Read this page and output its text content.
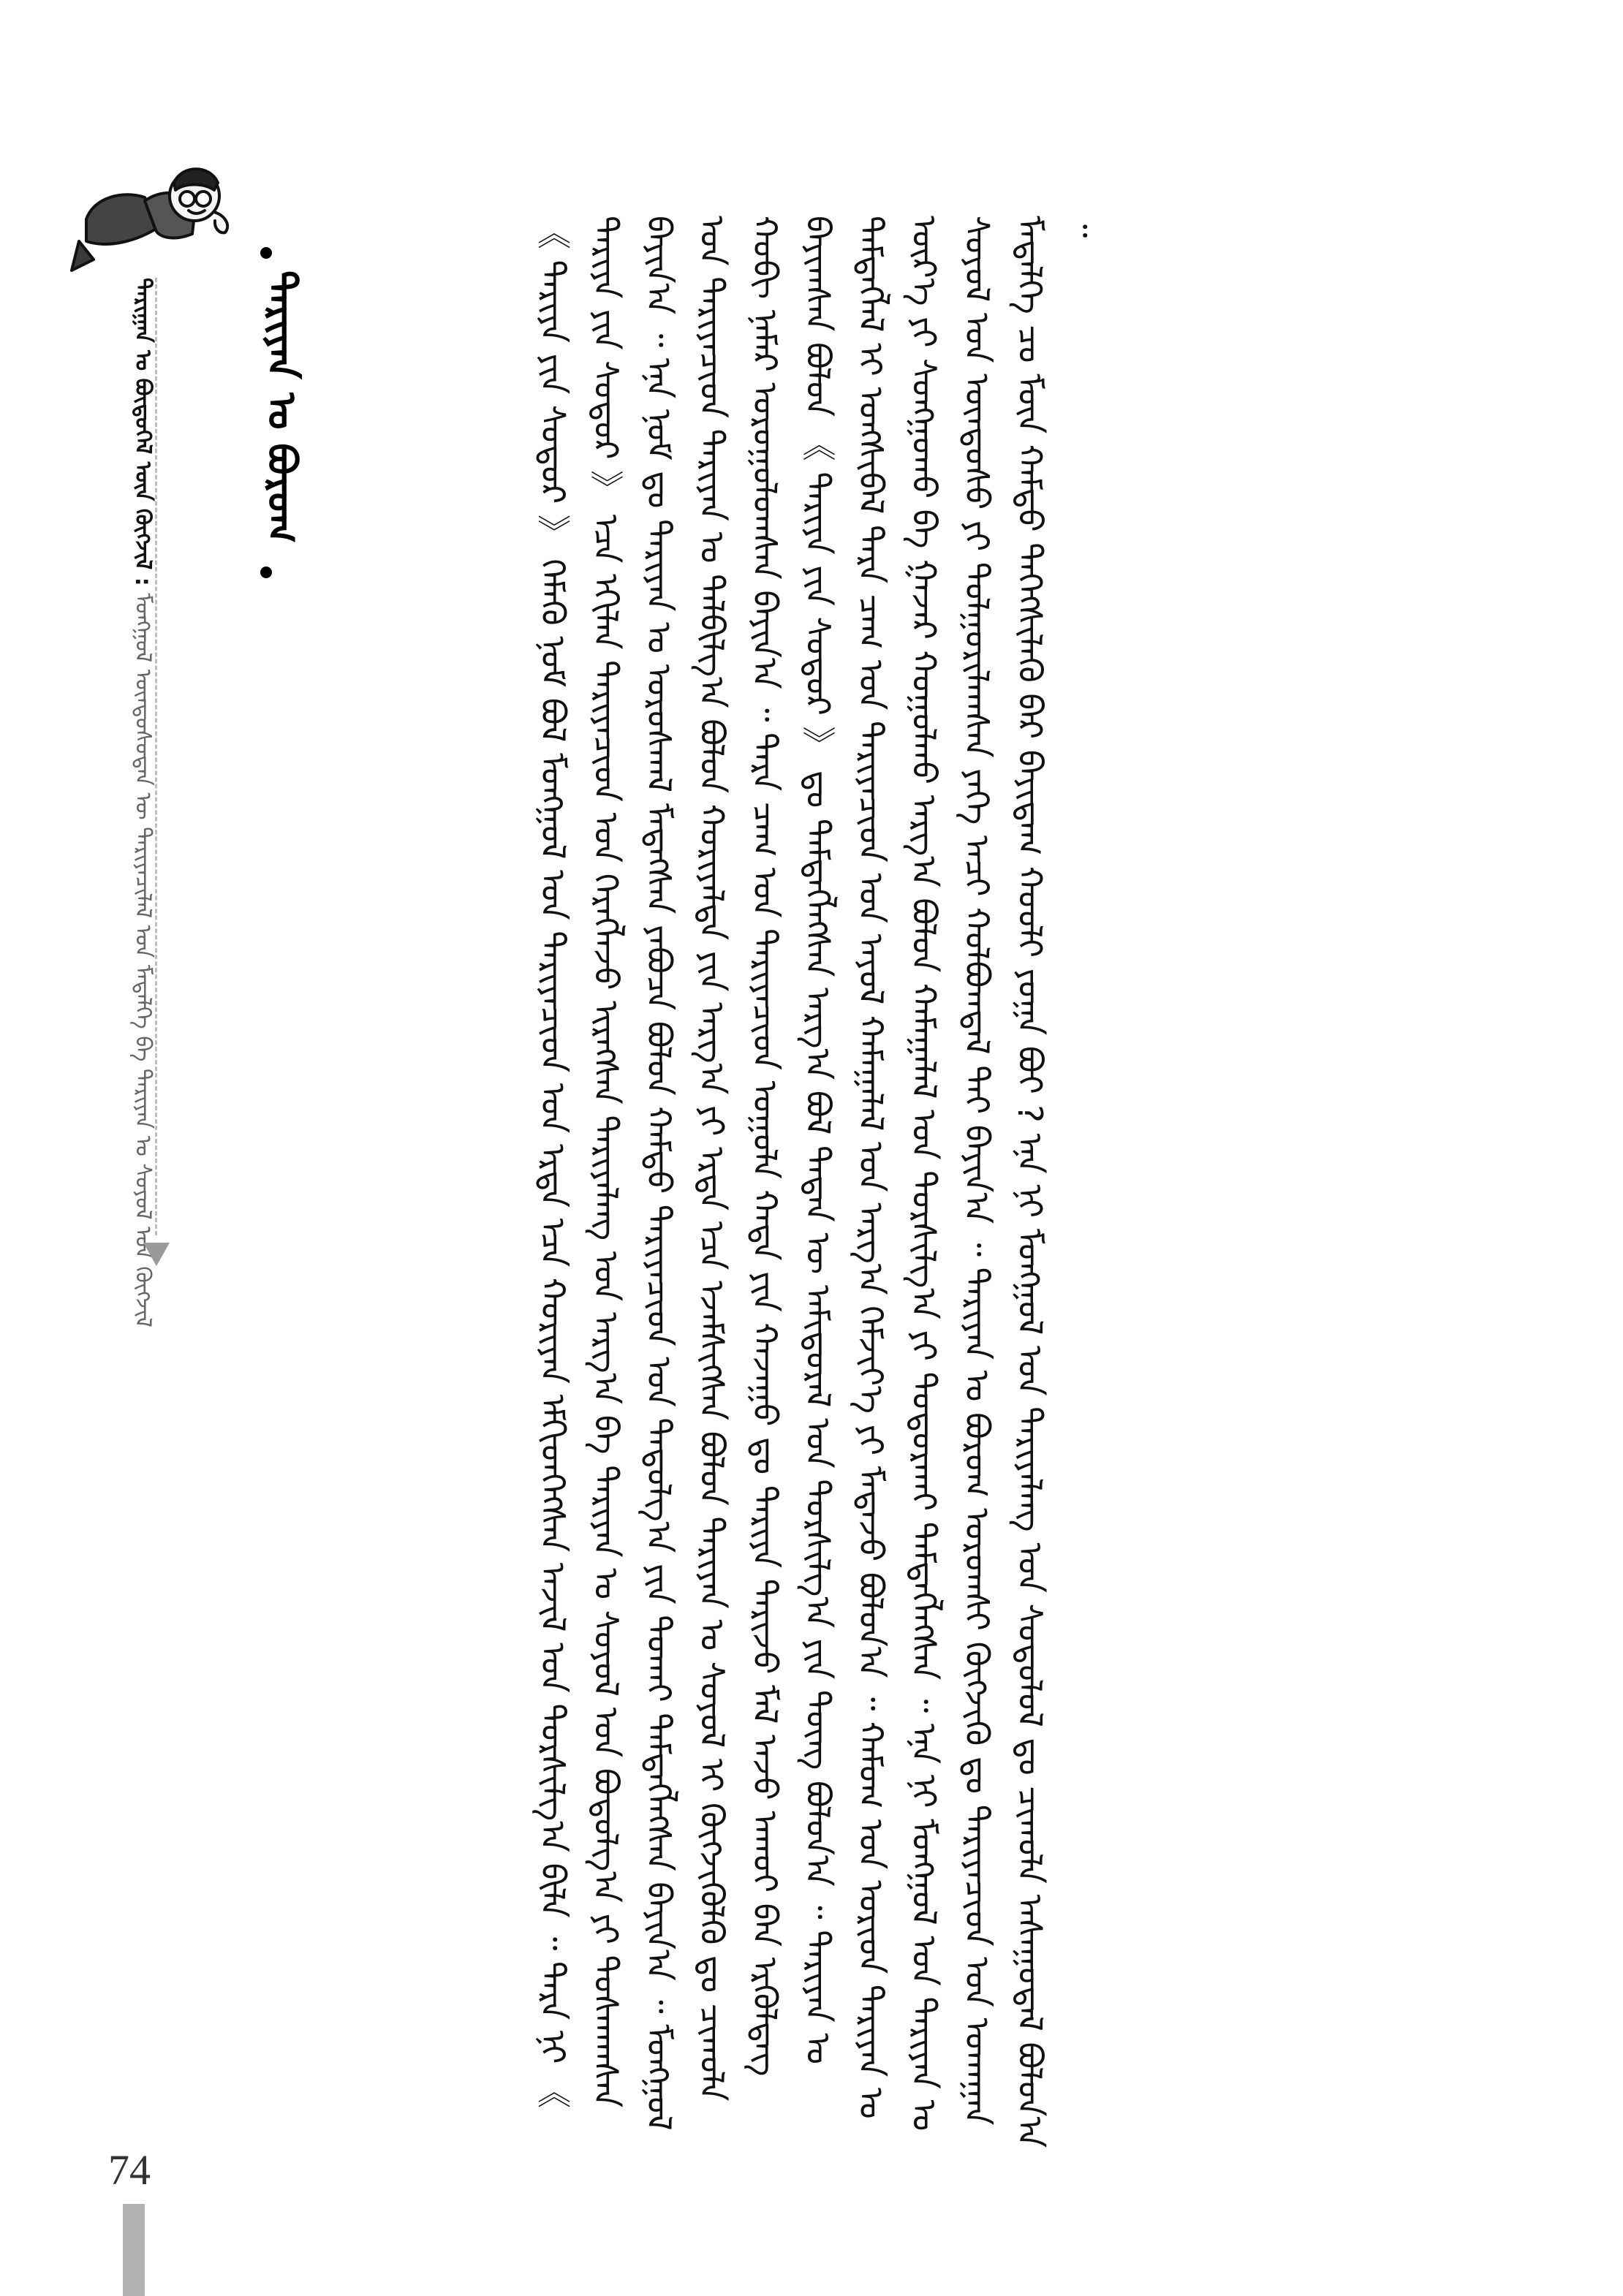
74
ᠲᠠᠷᠢᠭᠠᠨ ᠤ ᠪᠦᠲᠦᠭᠡᠯ ᠦᠨ ᠬᠥᠭᠵᠢᠯ : ᠮᠣᠩᠭᠣᠯ ᠦᠨᠳᠦᠰᠦᠲᠡᠨ ᠦ ᠲᠠᠷᠢᠶᠠᠴᠢᠯᠠᠯ ᠤᠨ ᠮᠡᠳᠡᠯᠭᠡ ᠪᠠ ᠲᠠᠷᠢᠶᠠᠨ ᠤ ᠰᠣᠶᠣᠯ ᠤᠨ ᠬᠥᠭᠵᠢᠯ
ᠲᠠᠷᠢᠶᠠᠨ ᠤ ᠪᠣᠷᠣᠭ

	《 ᠲᠠᠷᠢᠶᠠ ᠶᠢᠨ ᠰᠤᠳᠤᠷ 》 ᠬᠡᠮᠡᠬᠦ ᠨᠣᠮ ᠪᠣᠯ ᠮᠣᠩᠭᠣᠯ ᠤᠨ ᠲᠠᠷᠢᠶᠠᠴᠢᠳ ᠤᠨ ᠡᠷᠲᠡ ᠡᠴᠡ ᠬᠤᠷᠢᠶᠠᠨ ᠡᠮᠬᠢᠳᠬᠡᠭᠰᠡᠨ ᠠᠵᠢᠯ ᠤᠨ ᠲᠤᠷᠰᠢᠯᠭ᠎ᠠ ᠪᠢᠯᠡ ᠃ ᠲᠡᠷᠡ ᠨᠢ 《 ᠲᠠᠷᠢᠶᠠ ᠶᠢᠨ ᠰᠤᠳᠤᠷ 》 ᠡᠴᠡ ᠡᠬᠢᠯᠡᠨ ᠲᠠᠷᠢᠶᠠᠴᠢᠳ ᠤᠨ ᠬᠡᠷᠡᠭᠯᠡᠵᠦ ᠢᠷᠡᠭᠰᠡᠨ ᠲᠠᠷᠢᠶᠠᠯᠠᠩ ᠤᠨ ᠠᠷᠭ᠎ᠠ ᠪᠠ ᠲᠠᠷᠢᠶᠠᠨ ᠤ ᠰᠣᠶᠣᠯ ᠤᠨ ᠪᠣᠳᠤᠯᠭ᠎ᠠ ᠶᠢ ᠲᠤᠰᠬᠠᠭᠰᠠᠨ ᠪᠠᠶᠢᠨ᠎ᠠ ᠃ ᠡᠨᠡ ᠨᠣᠮ ᠳᠤ ᠲᠠᠷᠢᠶᠠᠨ ᠤ ᠤᠷᠤᠰᠬᠠᠯ ᠮᠡᠳᠡᠭᠰᠡᠨ ᠶᠠᠪᠤᠴᠠ ᠪᠣᠯᠤᠨ ᠬᠠᠮᠲᠤ ᠲᠠᠷᠢᠶᠠᠴᠢᠳ ᠤᠨ ᠳᠠᠳᠤᠯᠭ᠎ᠠ ᠶᠢᠨ ᠲᠤᠬᠠᠶ ᠲᠡᠮᠳᠡᠭᠯᠡᠭᠰᠡᠨ ᠪᠠᠶᠢᠨ᠎ᠠ ᠃ ᠮᠣᠩᠭᠣᠯ ᠤᠨ ᠲᠠᠷᠢᠶᠠᠴᠢᠳ ᠲᠠᠷᠢᠶᠠᠨ ᠤ ᠲᠠᠯᠪᠢᠯᠭ᠎ᠠ ᠪᠣᠯᠤᠨ ᠬᠤᠷᠢᠶᠠᠯᠲᠠ ᠶᠢᠨ ᠠᠷᠭ᠎ᠠ ᠶᠢ ᠡᠷᠲᠡ ᠡᠴᠡ ᠡᠵᠡᠮᠰᠢᠭᠰᠡᠨ ᠪᠣᠯᠤᠨ ᠲᠠᠷᠢᠶᠠᠨ ᠤ ᠰᠣᠶᠣᠯ ᠢ ᠬᠥᠭᠵᠢᠭᠦᠯᠬᠦ ᠳᠤ ᠴᠢᠬᠤᠯᠠ ᠬᠤᠪᠢ ᠨᠡᠮᠡᠷ ᠣᠷᠤᠭᠤᠯᠤᠭᠰᠠᠨ ᠪᠠᠶᠢᠨ᠎ᠠ ᠃ ᠲᠡᠷᠡ ᠴᠠᠭ ᠤᠨ ᠲᠠᠷᠢᠶᠠᠴᠢᠳ ᠤᠭᠤᠯᠠ ᠬᠠᠳᠠ ᠶᠢᠨ ᠬᠠᠵᠠᠭᠤ ᠳᠤ ᠲᠠᠷᠢᠶᠠ ᠲᠠᠷᠢᠵᠤ ᠮᠠᠯ ᠠᠵᠤ ᠠᠬᠤᠢ ᠪᠠᠨ ᠡᠷᠭᠦᠯᠳᠡᠭ ᠪᠠᠶᠢᠭᠰᠠᠨ ᠪᠣᠯᠤᠨ 《 ᠲᠠᠷᠢᠶᠠ ᠶᠢᠨ ᠰᠤᠳᠤᠷ 》 ᠳᠤ ᠲᠡᠮᠳᠡᠭᠯᠡᠭᠰᠡᠨ ᠠᠷᠭ᠎ᠠ ᠪᠣᠯ ᠲᠡᠳᠡᠨ ᠦ ᠠᠮᠢᠳᠤᠷᠠᠯ ᠤᠨ ᠲᠤᠷᠰᠢᠯᠭ᠎ᠠ ᠶᠢᠨ ᠳᠦᠩ ᠪᠣᠯᠤᠨ᠎ᠠ ᠃ ᠲᠠᠷᠢᠶᠠᠨ ᠤ ᠲᠡᠮᠳᠡᠭᠯᠡᠯ ᠢ ᠤᠩᠰᠢᠪᠠᠯ ᠲᠡᠷᠡ ᠴᠠᠭ ᠤᠨ ᠲᠠᠷᠢᠶᠠᠴᠢᠳ ᠤᠨ ᠠᠶᠤᠯ ᠬᠠᠮᠠᠭᠠᠯᠠᠯ ᠤᠨ ᠠᠷᠭ᠎ᠠ ᠬᠡᠮᠵᠢᠶ᠎ᠡ ᠶᠢ ᠮᠡᠳᠡᠵᠦ ᠪᠣᠯᠤᠨ᠎ᠠ ᠃ ᠬᠠᠮᠤᠭ ᠤᠨ ᠤᠷᠢᠳ ᠲᠠᠷᠢᠶᠠᠨ ᠤ ᠦᠷ᠎ᠡ ᠶᠢ ᠰᠣᠩᠭᠣᠬᠤ ᠪᠠ ᠭᠠᠵᠠᠷ ᠬᠤᠭᠤᠯᠬᠤ ᠠᠷᠭ᠎ᠠ ᠪᠣᠯᠤᠨ ᠬᠠᠮᠠᠭᠠᠯᠠᠯ ᠤᠨ ᠲᠤᠷᠰᠢᠯᠭ᠎ᠠ ᠶᠢ ᠲᠣᠳᠣᠷᠬᠠᠶ ᠲᠡᠮᠳᠡᠭᠯᠡᠭᠰᠡᠨ ᠃ ᠡᠨᠡ ᠨᠢ ᠮᠣᠩᠭᠣᠯ ᠤᠨ ᠲᠠᠷᠢᠶᠠᠨ ᠤ ᠰᠣᠶᠣᠯ ᠤᠨ ᠦᠨᠳᠦᠰᠦ ᠶᠢ ᠲᠤᠯᠭᠤᠷᠢᠯᠠᠭᠰᠠᠨ ᠶᠡᠬᠡ ᠠᠴᠢ ᠬᠣᠯᠪᠣᠭᠳᠠᠯ ᠲᠠᠶ ᠪᠠᠶᠢᠨ᠎ᠠ ᠃ ᠲᠠᠷᠢᠶᠠᠨ ᠤ ᠪᠣᠷᠣᠭ ᠤᠷᠤᠭᠰᠢ ᠬᠥᠭᠵᠢᠬᠦ ᠳᠤ ᠲᠠᠷᠢᠶᠠᠴᠢᠳ ᠤᠨ ᠤᠬᠠᠭᠠᠨ ᠮᠡᠳᠡᠯᠭᠡ ᠴᠤ ᠮᠥᠨ ᠬᠠᠮᠲᠤ ᠳᠡᠭᠡᠭᠰᠢᠯᠡᠬᠦ ᠪᠡᠷ ᠪᠠᠶᠢᠳᠠᠭ ᠬᠤᠤᠯᠢ ᠶᠤᠭᠠ ᠪᠣᠢ ? ᠡᠨᠡ ᠨᠢ ᠮᠣᠩᠭᠣᠯ ᠤᠨ ᠲᠠᠷᠢᠶᠠᠯᠠᠩ ᠤᠨ ᠰᠤᠳᠤᠯᠤᠯ ᠳᠤ ᠴᠢᠬᠤᠯᠠ ᠠᠰᠠᠭᠤᠳᠠᠯ ᠪᠣᠯᠤᠨ᠎ᠠ ᠃
